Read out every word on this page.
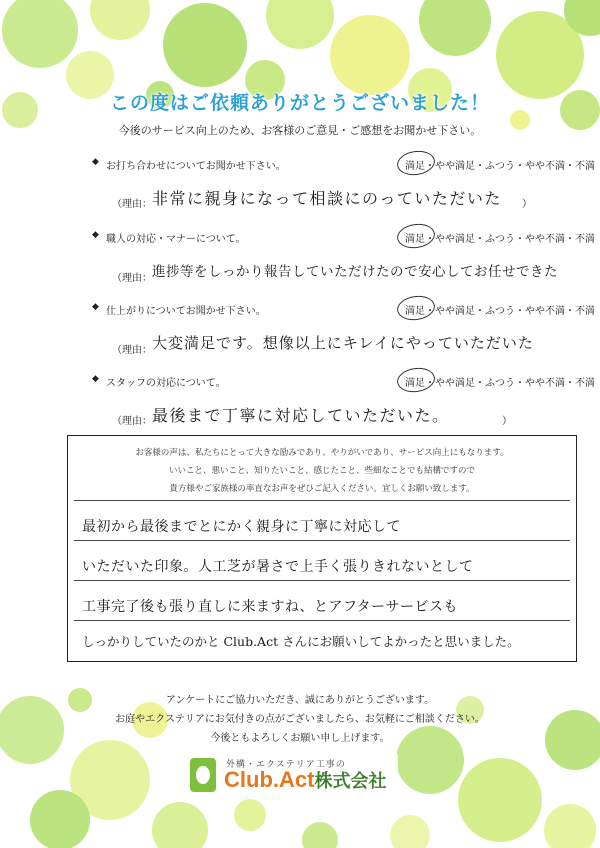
この度はご依頼ありがとうございました！
今後のサービス向上のため、お客様のご意見・ご感想をお聞かせ下さい。
◆ お打ち合わせについてお聞かせ下さい。	満足・やや満足・ふつう・やや不満・不満
（理由： 非常に親身になって相談にのっていただいた ）
◆ 職人の対応・マナーについて。	満足・やや満足・ふつう・やや不満・不満
（理由： 進捗等をしっかり報告していただけたので安心してお任せできた
◆ 仕上がりについてお聞かせ下さい。	満足・やや満足・ふつう・やや不満・不満
（理由： 大変満足です。想像以上にキレイにやっていただいた
◆ スタッフの対応について。	満足・やや満足・ふつう・やや不満・不満
（理由： 最後まで丁寧に対応していただいた。	）
お客様の声は、私たちにとって大きな励みであり、やりがいであり、サービス向上にもなります。
いいこと、悪いこと、知りたいこと、感じたこと、些細なことでも結構ですので
貴方様やご家族様の率直なお声をぜひご記入ください。宜しくお願い致します。
最初から最後までとにかく親身に丁寧に対応して
いただいた印象。人工芝が暑さで上手く張りきれないとして
工事完了後も張り直しに来ますね、とアフターサービスも
しっかりしていたのかと Club.Act さんにお願いしてよかったと思いました。
アンケートにご協力いただき、誠にありがとうございます。
お庭やエクステリアにお気付きの点がございましたら、お気軽にご相談ください。
今後ともよろしくお願い申し上げます。
外構・エクステリア工事の
Club.Act株式会社
